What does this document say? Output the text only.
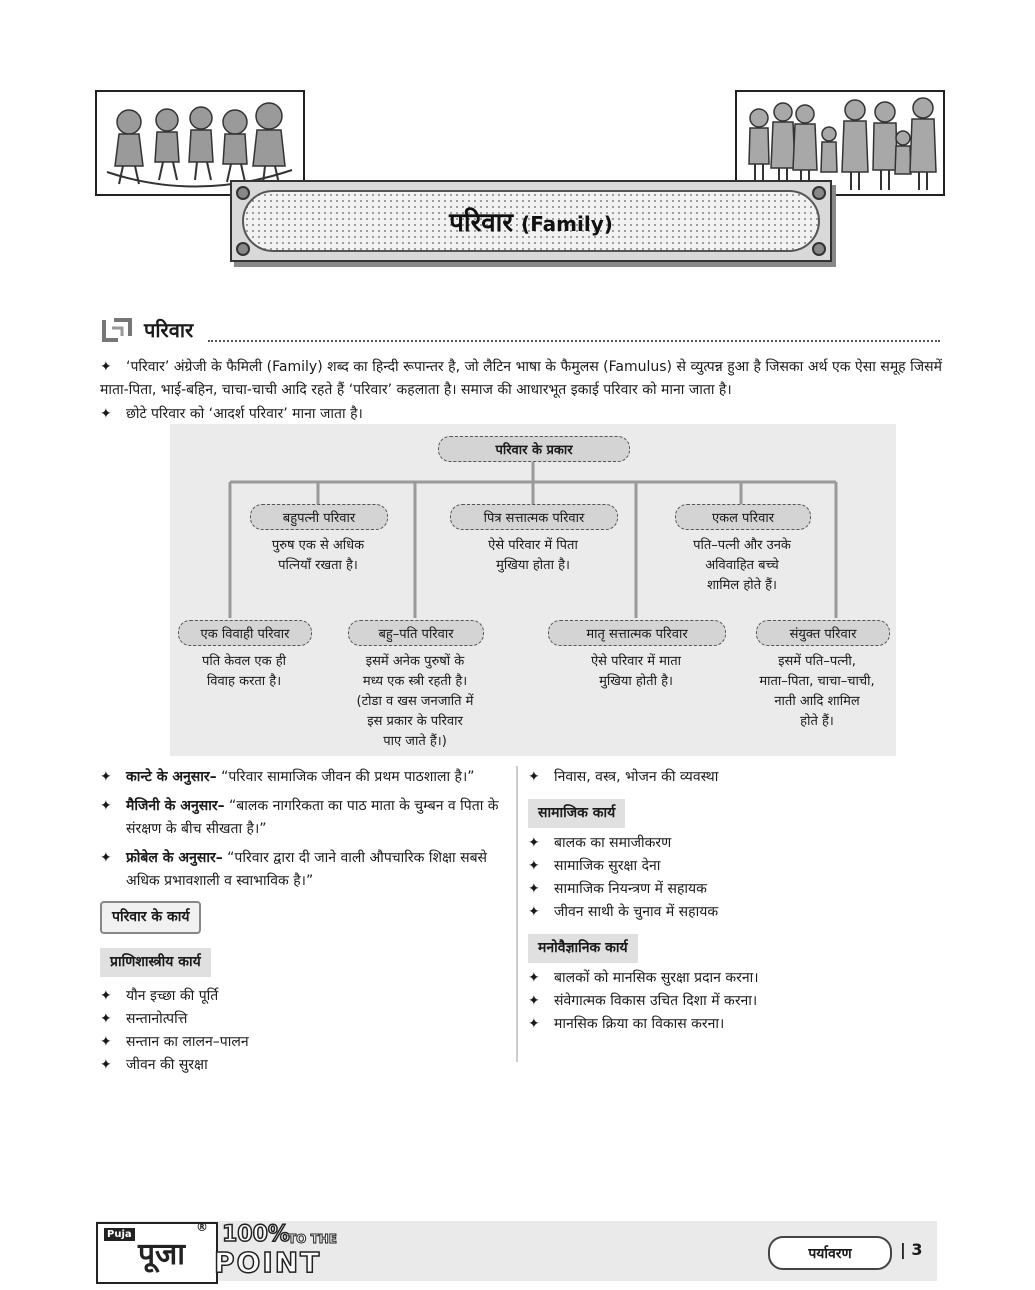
परिवार (Family)
परिवार
✦ ‘परिवार’ अंग्रेजी के फैमिली (Family) शब्द का हिन्दी रूपान्तर है, जो लैटिन भाषा के फैमुलस (Famulus) से व्युत्पन्न हुआ है जिसका अर्थ एक ऐसा समूह जिसमें माता-पिता, भाई-बहिन, चाचा-चाची आदि रहते हैं ‘परिवार’ कहलाता है। समाज की आधारभूत इकाई परिवार को माना जाता है।
✦ छोटे परिवार को ‘आदर्श परिवार’ माना जाता है।
परिवार के प्रकार
बहुपत्नी परिवार
पुरुष एक से अधिक
पत्नियाँ रखता है।
पित्र सत्तात्मक परिवार
ऐसे परिवार में पिता
मुखिया होता है।
एकल परिवार
पति–पत्नी और उनके
अविवाहित बच्चे
शामिल होते हैं।
एक विवाही परिवार
पति केवल एक ही
विवाह करता है।
बहु–पति परिवार
इसमें अनेक पुरुषों के
मध्य एक स्त्री रहती है।
(टोडा व खस जनजाति में
इस प्रकार के परिवार
पाए जाते हैं।)
मातृ सत्तात्मक परिवार
ऐसे परिवार में माता
मुखिया होती है।
संयुक्त परिवार
इसमें पति–पत्नी,
माता–पिता, चाचा–चाची,
नाती आदि शामिल
होते हैं।

✦	कान्टे के अनुसार– “परिवार सामाजिक जीवन की प्रथम पाठशाला है।”

✦	मैजिनी के अनुसार– “बालक नागरिकता का पाठ माता के चुम्बन व पिता के संरक्षण के बीच सीखता है।”

✦	फ्रोबेल के अनुसार– “परिवार द्वारा दी जाने वाली औपचारिक शिक्षा सबसे अधिक प्रभावशाली व स्वाभाविक है।”

परिवार के कार्य

प्राणिशास्त्रीय कार्य

✦ यौन इच्छा की पूर्ति

✦ सन्तानोत्पत्ति

✦ सन्तान का लालन–पालन

✦ जीवन की सुरक्षा

✦ निवास, वस्त्र, भोजन की व्यवस्था

सामाजिक कार्य

✦ बालक का समाजीकरण

✦ सामाजिक सुरक्षा देना

✦ सामाजिक नियन्त्रण में सहायक

✦ जीवन साथी के चुनाव में सहायक

मनोवैज्ञानिक कार्य

✦ बालकों को मानसिक सुरक्षा प्रदान करना।

✦ संवेगात्मक विकास उचित दिशा में करना।

✦ मानसिक क्रिया का विकास करना।

Puja
पूजा
® 100%
TO THE
POINT	पर्यावरण	| 3
